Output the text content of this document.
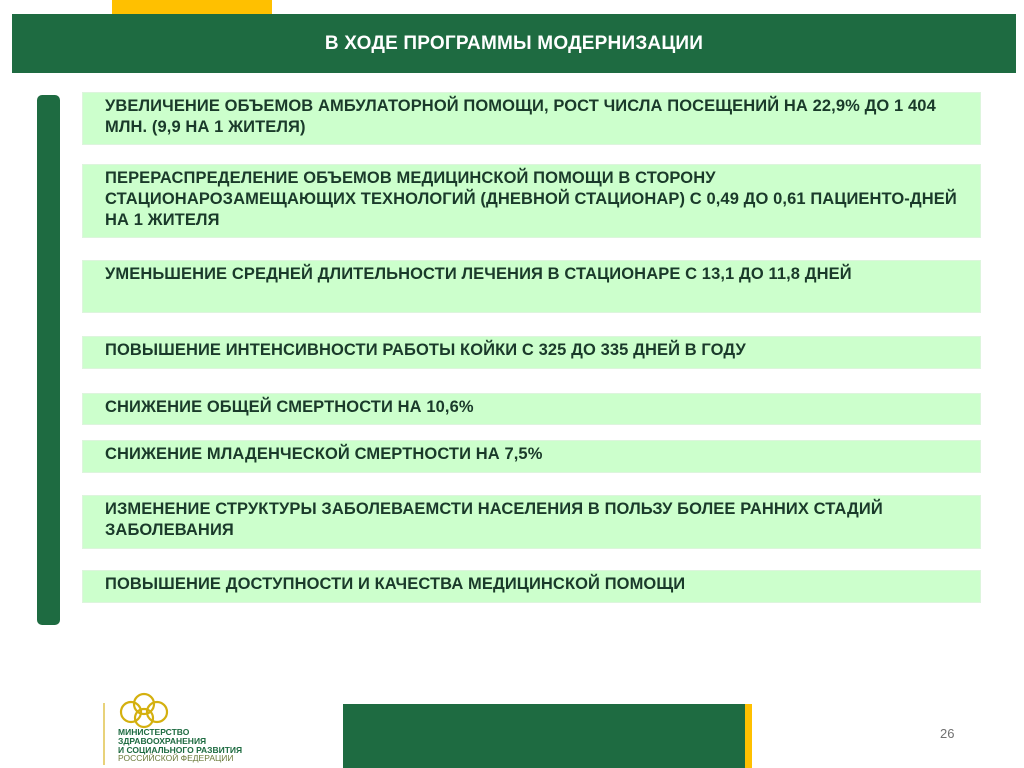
В ХОДЕ ПРОГРАММЫ МОДЕРНИЗАЦИИ
УВЕЛИЧЕНИЕ ОБЪЕМОВ АМБУЛАТОРНОЙ ПОМОЩИ, РОСТ ЧИСЛА ПОСЕЩЕНИЙ НА 22,9% ДО 1 404 МЛН. (9,9 НА 1 ЖИТЕЛЯ)
ПЕРЕРАСПРЕДЕЛЕНИЕ ОБЪЕМОВ МЕДИЦИНСКОЙ ПОМОЩИ В СТОРОНУ СТАЦИОНАРОЗАМЕЩАЮЩИХ ТЕХНОЛОГИЙ (ДНЕВНОЙ СТАЦИОНАР) С 0,49 ДО 0,61 ПАЦИЕНТО-ДНЕЙ НА 1 ЖИТЕЛЯ
УМЕНЬШЕНИЕ СРЕДНЕЙ ДЛИТЕЛЬНОСТИ ЛЕЧЕНИЯ В СТАЦИОНАРЕ С 13,1 ДО 11,8 ДНЕЙ
ПОВЫШЕНИЕ ИНТЕНСИВНОСТИ РАБОТЫ КОЙКИ С 325 ДО 335 ДНЕЙ В ГОДУ
СНИЖЕНИЕ ОБЩЕЙ СМЕРТНОСТИ НА 10,6%
СНИЖЕНИЕ МЛАДЕНЧЕСКОЙ СМЕРТНОСТИ НА 7,5%
ИЗМЕНЕНИЕ СТРУКТУРЫ ЗАБОЛЕВАЕМСТИ НАСЕЛЕНИЯ В ПОЛЬЗУ БОЛЕЕ РАННИХ СТАДИЙ ЗАБОЛЕВАНИЯ
ПОВЫШЕНИЕ ДОСТУПНОСТИ И КАЧЕСТВА МЕДИЦИНСКОЙ ПОМОЩИ
МИНИСТЕРСТВО
ЗДРАВООХРАНЕНИЯ
И СОЦИАЛЬНОГО РАЗВИТИЯ
РОССИЙСКОЙ ФЕДЕРАЦИИ
26
